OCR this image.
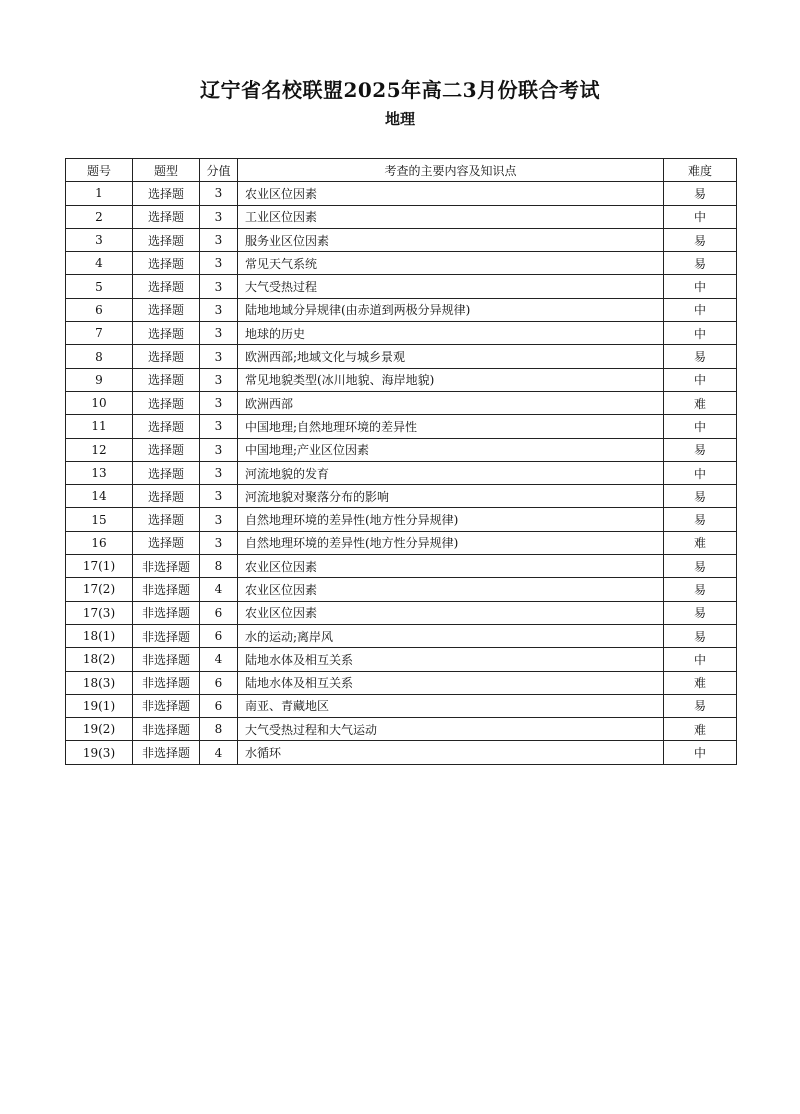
辽宁省名校联盟2025年高二3月份联合考试
地理
题号	题型	分值	考查的主要内容及知识点	难度
1	选择题	3	农业区位因素	易
2	选择题	3	工业区位因素	中
3	选择题	3	服务业区位因素	易
4	选择题	3	常见天气系统	易
5	选择题	3	大气受热过程	中
6	选择题	3	陆地地域分异规律(由赤道到两极分异规律)	中
7	选择题	3	地球的历史	中
8	选择题	3	欧洲西部;地域文化与城乡景观	易
9	选择题	3	常见地貌类型(冰川地貌、海岸地貌)	中
10	选择题	3	欧洲西部	难
11	选择题	3	中国地理;自然地理环境的差异性	中
12	选择题	3	中国地理;产业区位因素	易
13	选择题	3	河流地貌的发育	中
14	选择题	3	河流地貌对聚落分布的影响	易
15	选择题	3	自然地理环境的差异性(地方性分异规律)	易
16	选择题	3	自然地理环境的差异性(地方性分异规律)	难
17(1)	非选择题	8	农业区位因素	易
17(2)	非选择题	4	农业区位因素	易
17(3)	非选择题	6	农业区位因素	易
18(1)	非选择题	6	水的运动;离岸风	易
18(2)	非选择题	4	陆地水体及相互关系	中
18(3)	非选择题	6	陆地水体及相互关系	难
19(1)	非选择题	6	南亚、青藏地区	易
19(2)	非选择题	8	大气受热过程和大气运动	难
19(3)	非选择题	4	水循环	中
